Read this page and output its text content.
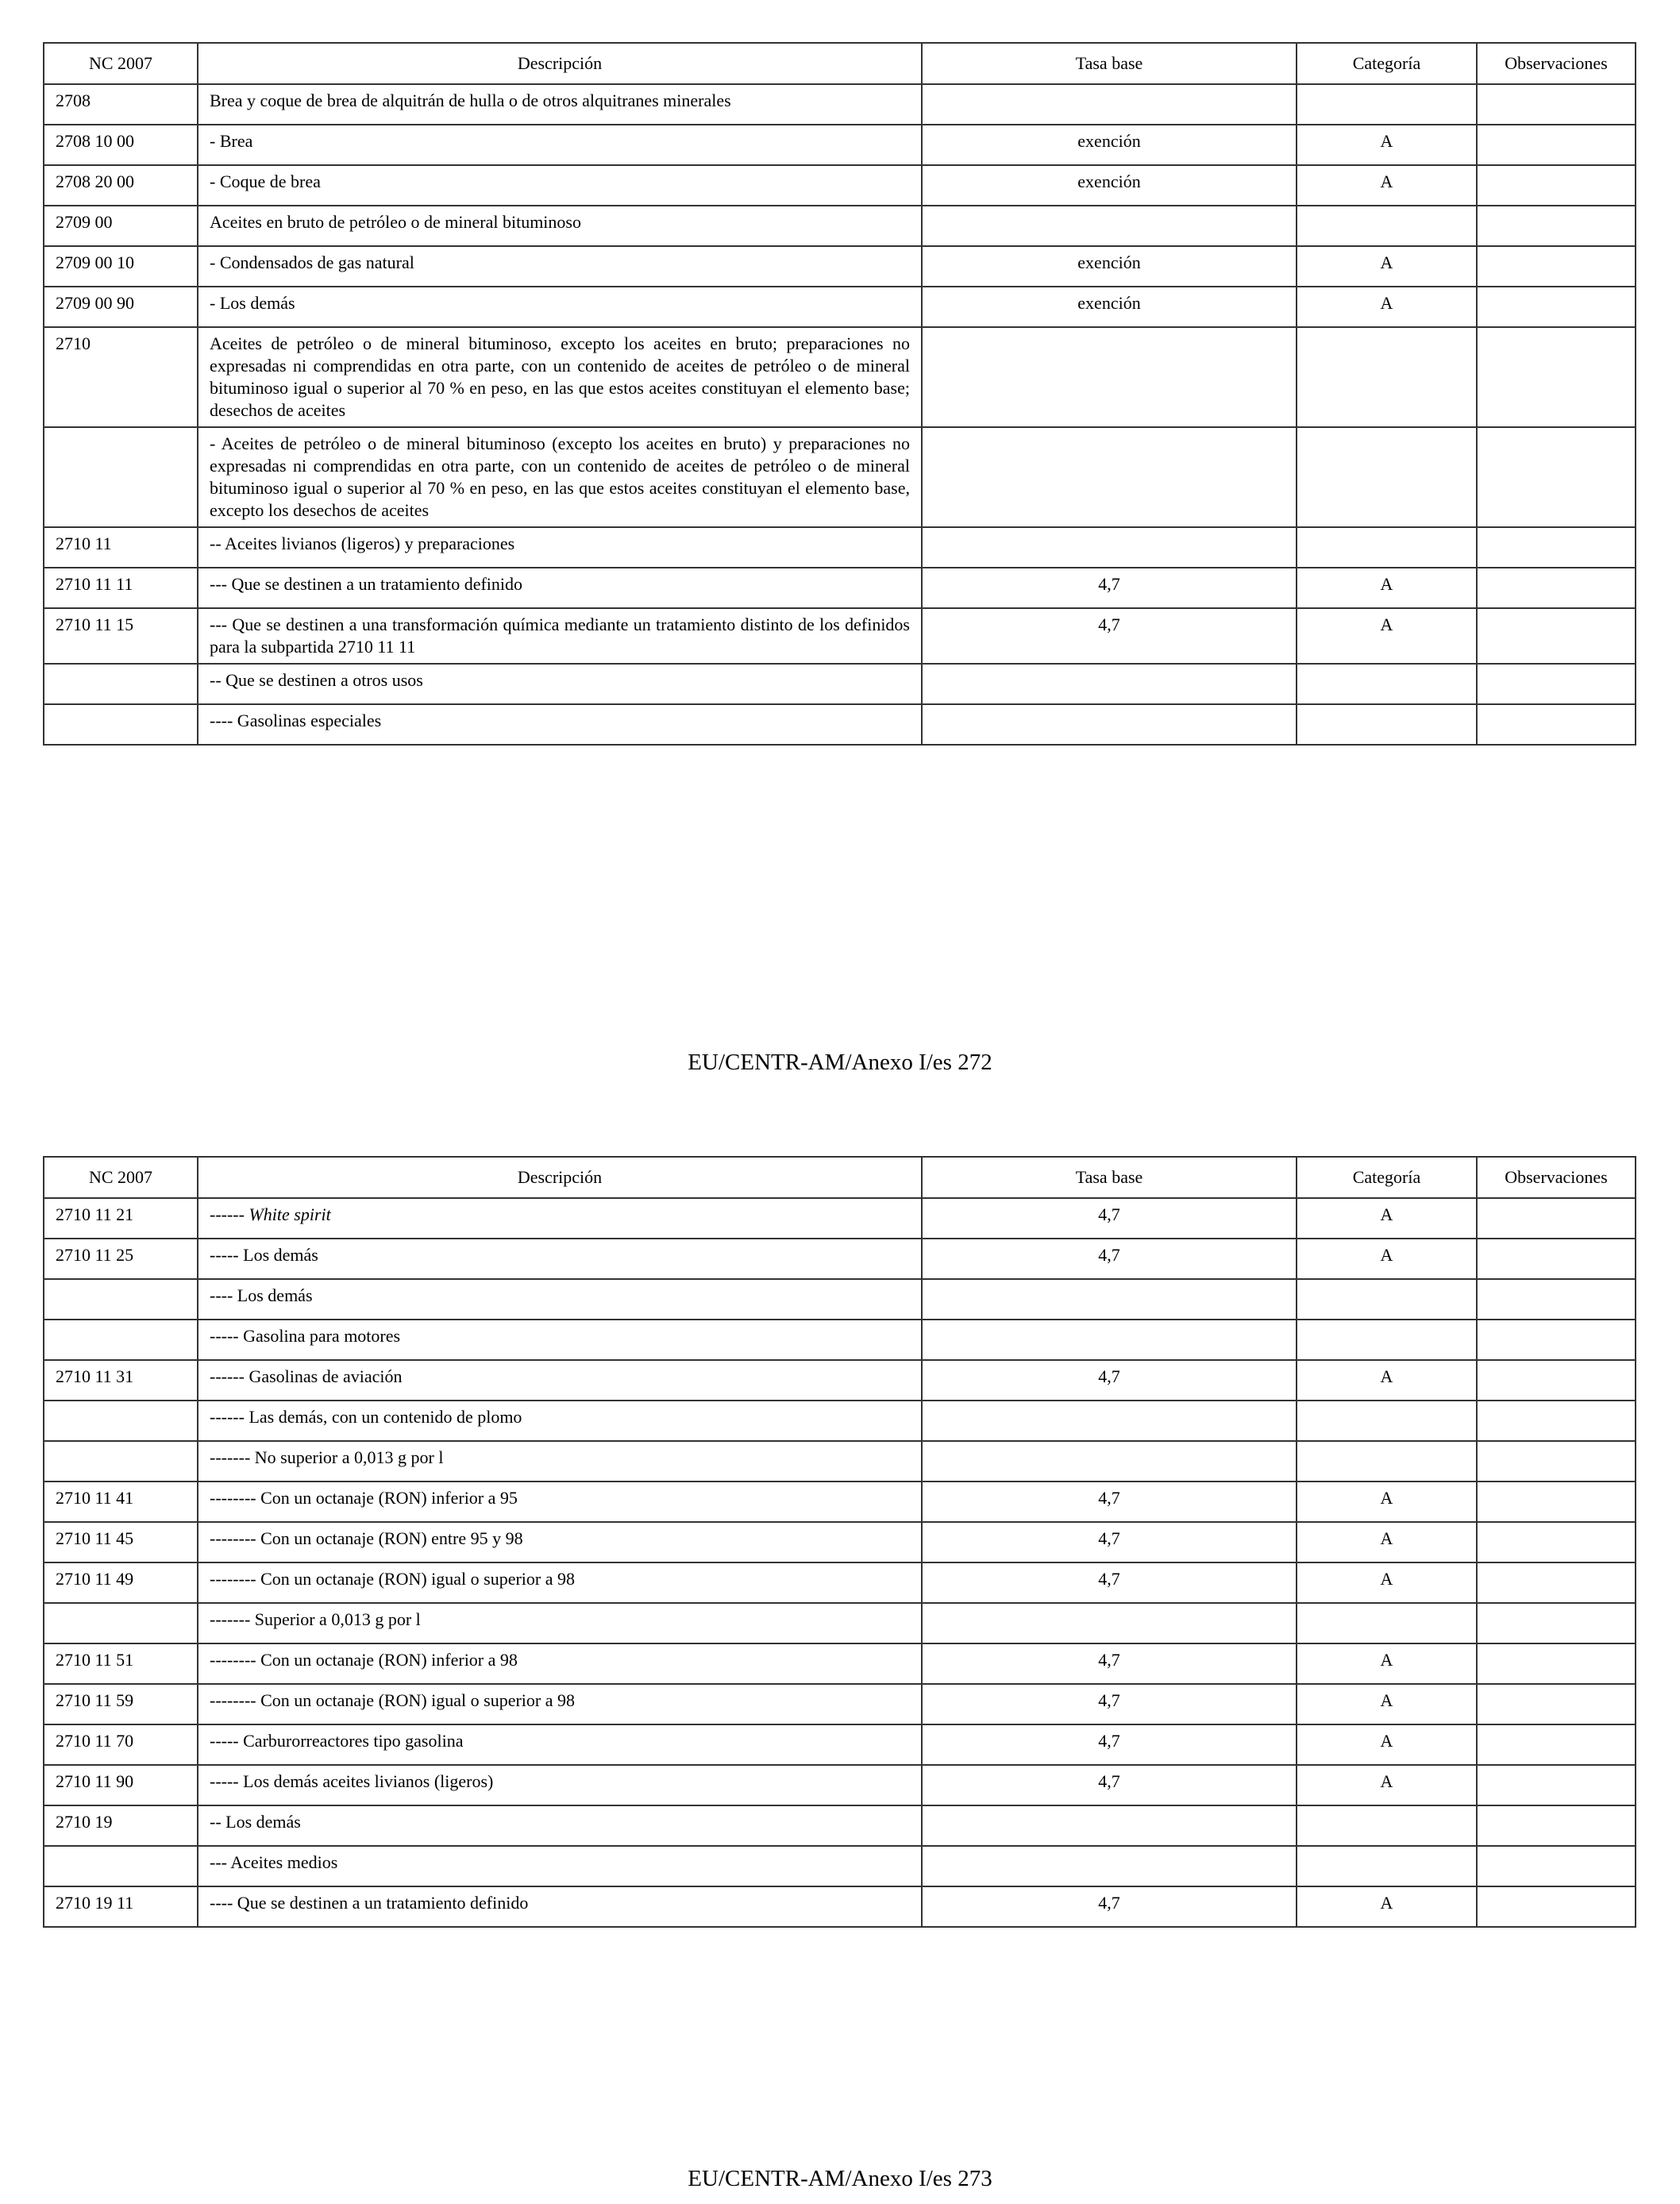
NC 2007	Descripción	Tasa base	Categoría	Observaciones
2708	Brea y coque de brea de alquitrán de hulla o de otros alquitranes minerales			
2708 10 00	- Brea	exención	A	
2708 20 00	- Coque de brea	exención	A	
2709 00	Aceites en bruto de petróleo o de mineral bituminoso			
2709 00 10	- Condensados de gas natural	exención	A	
2709 00 90	- Los demás	exención	A	
2710	Aceites de petróleo o de mineral bituminoso, excepto los aceites en bruto; preparaciones no expresadas ni comprendidas en otra parte, con un contenido de aceites de petróleo o de mineral bituminoso igual o superior al 70 % en peso, en las que estos aceites constituyan el elemento base; desechos de aceites			
	- Aceites de petróleo o de mineral bituminoso (excepto los aceites en bruto) y preparaciones no expresadas ni comprendidas en otra parte, con un contenido de aceites de petróleo o de mineral bituminoso igual o superior al 70 % en peso, en las que estos aceites constituyan el elemento base, excepto los desechos de aceites			
2710 11	-- Aceites livianos (ligeros) y preparaciones			
2710 11 11	--- Que se destinen a un tratamiento definido	4,7	A	
2710 11 15	--- Que se destinen a una transformación química mediante un tratamiento distinto de los definidos para la subpartida 2710 11 11	4,7	A	
	-- Que se destinen a otros usos			
	---- Gasolinas especiales			
EU/CENTR-AM/Anexo I/es 272
NC 2007	Descripción	Tasa base	Categoría	Observaciones
2710 11 21	------ White spirit	4,7	A	
2710 11 25	----- Los demás	4,7	A	
	---- Los demás			
	----- Gasolina para motores			
2710 11 31	------ Gasolinas de aviación	4,7	A	
	------ Las demás, con un contenido de plomo			
	------- No superior a 0,013 g por l			
2710 11 41	-------- Con un octanaje (RON) inferior a 95	4,7	A	
2710 11 45	-------- Con un octanaje (RON) entre 95 y 98	4,7	A	
2710 11 49	-------- Con un octanaje (RON) igual o superior a 98	4,7	A	
	------- Superior a 0,013 g por l			
2710 11 51	-------- Con un octanaje (RON) inferior a 98	4,7	A	
2710 11 59	-------- Con un octanaje (RON) igual o superior a 98	4,7	A	
2710 11 70	----- Carburorreactores tipo gasolina	4,7	A	
2710 11 90	----- Los demás aceites livianos (ligeros)	4,7	A	
2710 19	-- Los demás			
	--- Aceites medios			
2710 19 11	---- Que se destinen a un tratamiento definido	4,7	A	
EU/CENTR-AM/Anexo I/es 273
